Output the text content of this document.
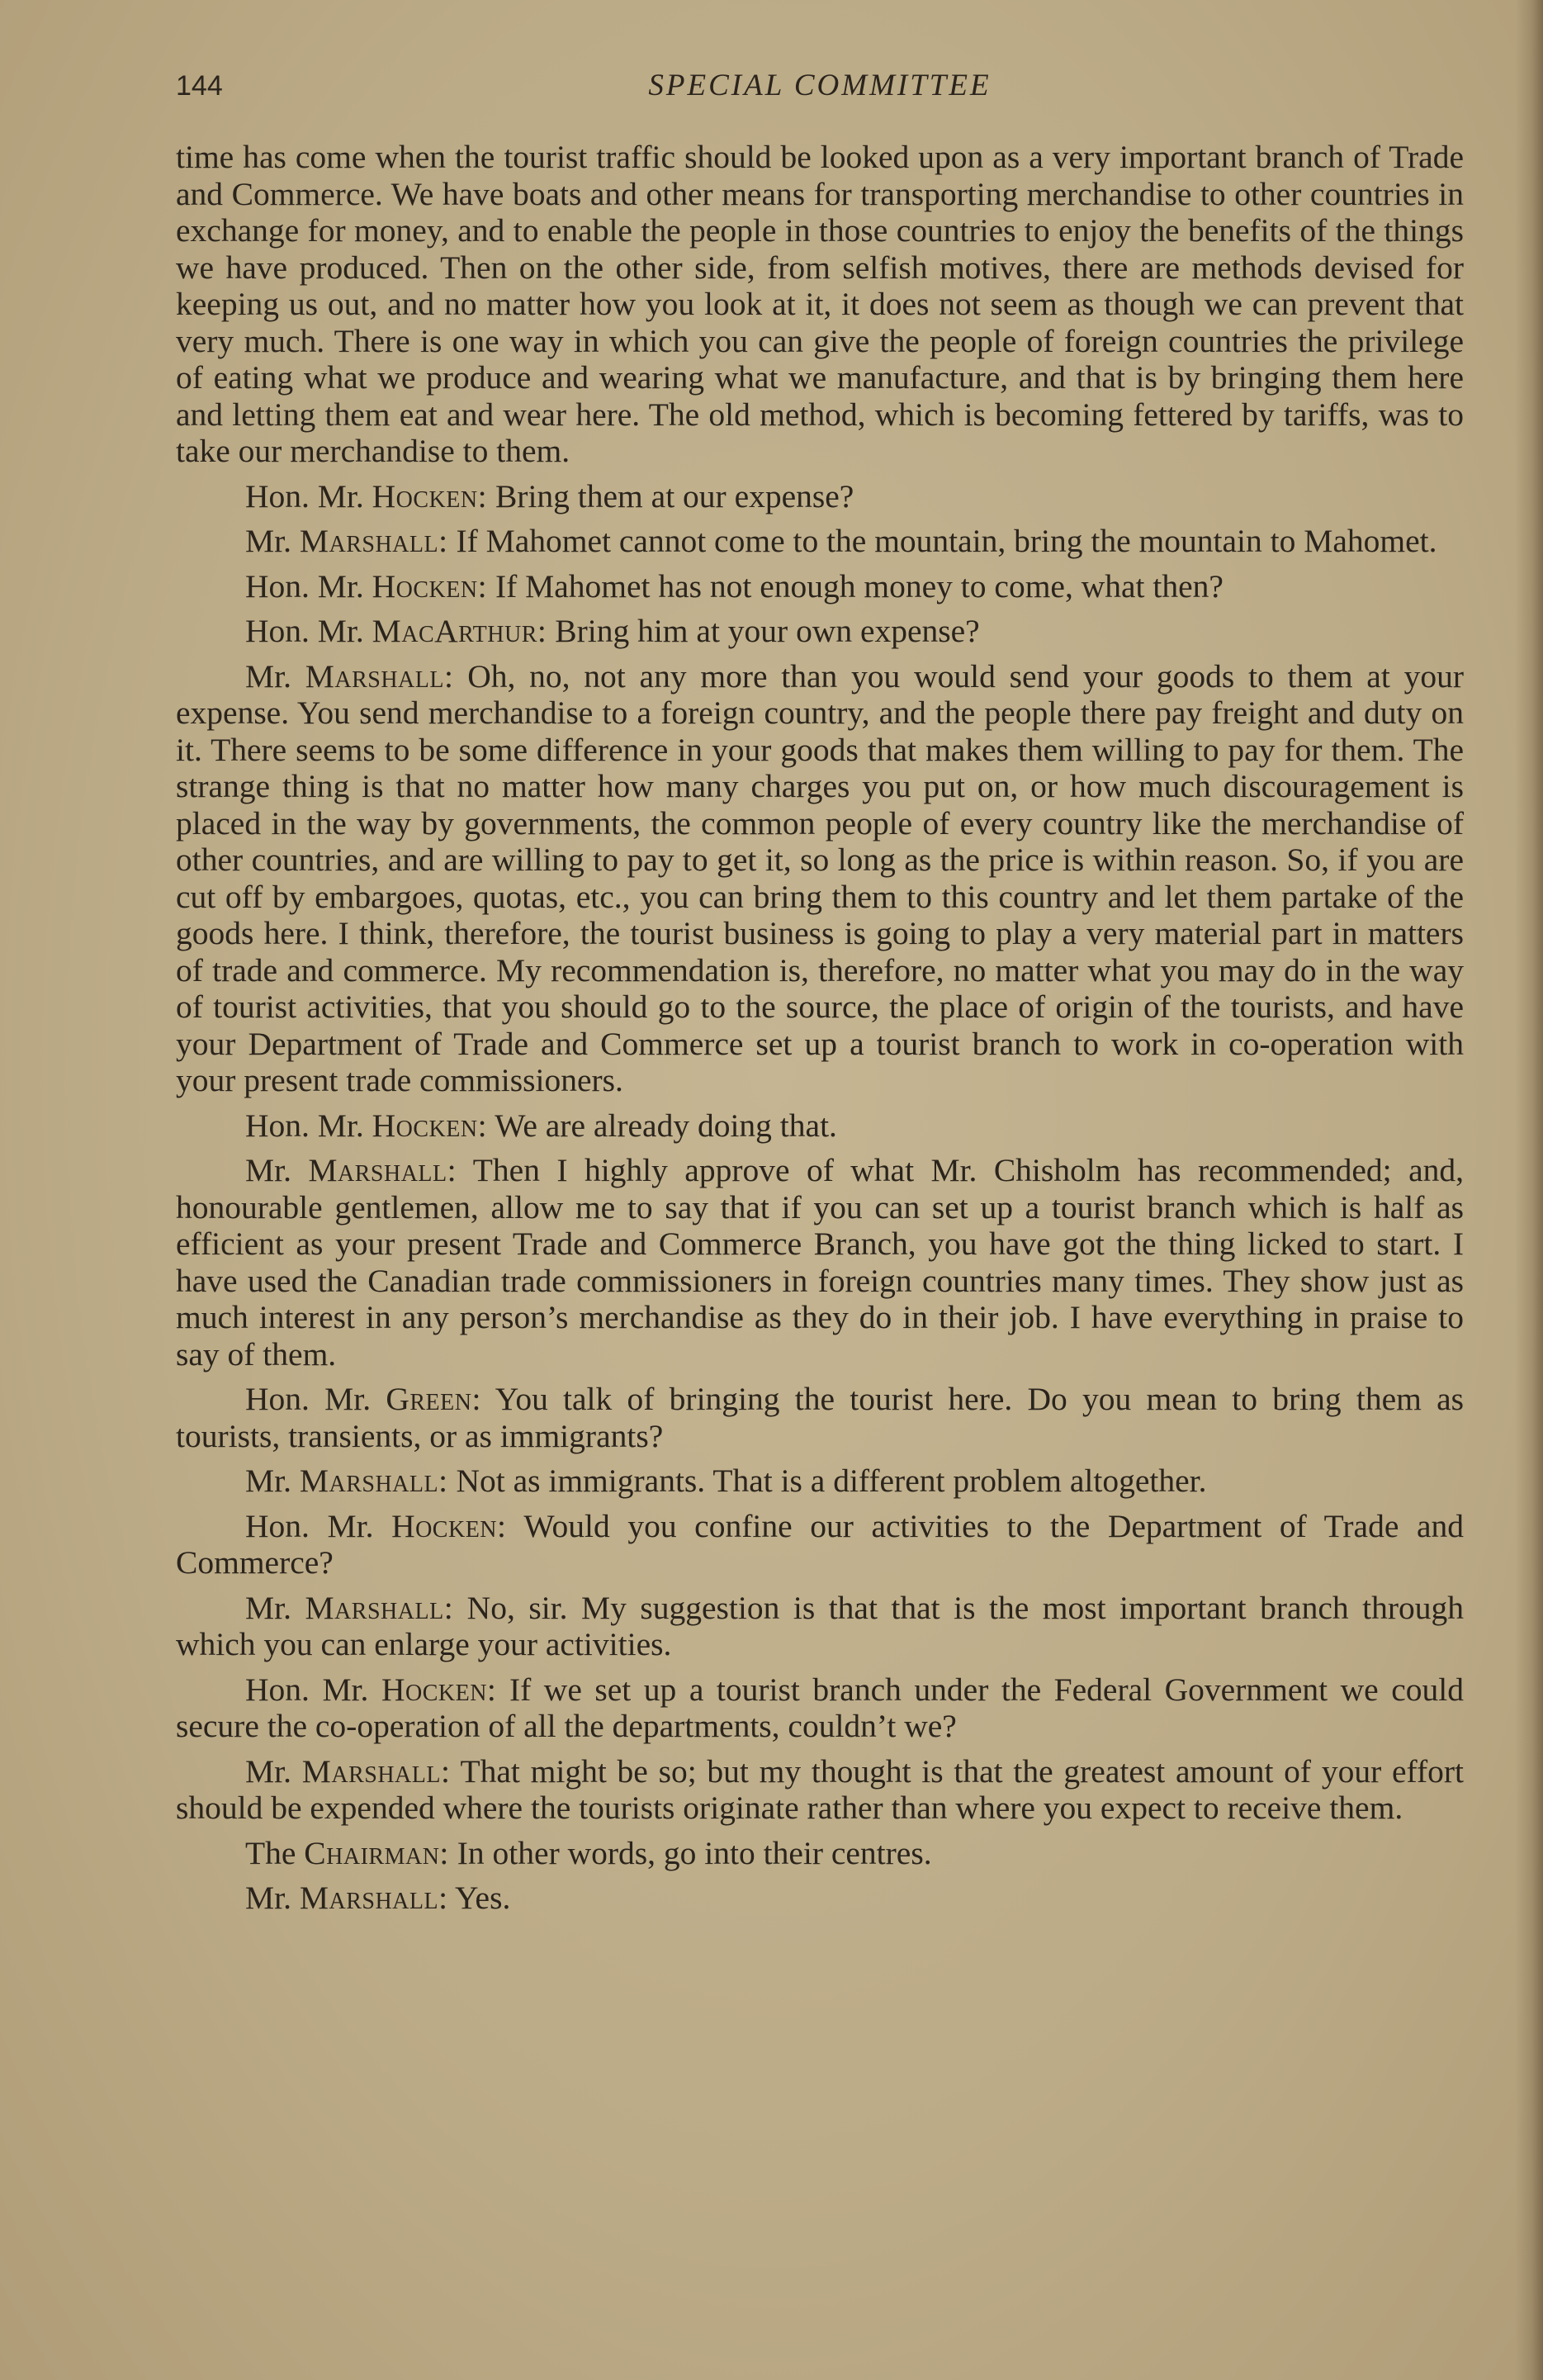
144	SPECIAL COMMITTEE

time has come when the tourist traffic should be looked upon as a very important branch of Trade and Commerce. We have boats and other means for transporting merchandise to other countries in exchange for money, and to enable the people in those countries to enjoy the benefits of the things we have produced. Then on the other side, from selfish motives, there are methods devised for keeping us out, and no matter how you look at it, it does not seem as though we can prevent that very much. There is one way in which you can give the people of foreign countries the privilege of eating what we produce and wearing what we manufacture, and that is by bringing them here and letting them eat and wear here. The old method, which is becoming fettered by tariffs, was to take our merchandise to them.

Hon. Mr. Hocken: Bring them at our expense?

Mr. Marshall: If Mahomet cannot come to the mountain, bring the mountain to Mahomet.

Hon. Mr. Hocken: If Mahomet has not enough money to come, what then?

Hon. Mr. MacArthur: Bring him at your own expense?

Mr. Marshall: Oh, no, not any more than you would send your goods to them at your expense. You send merchandise to a foreign country, and the people there pay freight and duty on it. There seems to be some difference in your goods that makes them willing to pay for them. The strange thing is that no matter how many charges you put on, or how much discouragement is placed in the way by governments, the common people of every country like the merchandise of other countries, and are willing to pay to get it, so long as the price is within reason. So, if you are cut off by embargoes, quotas, etc., you can bring them to this country and let them partake of the goods here. I think, therefore, the tourist business is going to play a very material part in matters of trade and commerce. My recommendation is, therefore, no matter what you may do in the way of tourist activities, that you should go to the source, the place of origin of the tourists, and have your Department of Trade and Commerce set up a tourist branch to work in co-operation with your present trade commissioners.

Hon. Mr. Hocken: We are already doing that.

Mr. Marshall: Then I highly approve of what Mr. Chisholm has recommended; and, honourable gentlemen, allow me to say that if you can set up a tourist branch which is half as efficient as your present Trade and Commerce Branch, you have got the thing licked to start. I have used the Canadian trade commissioners in foreign countries many times. They show just as much interest in any person’s merchandise as they do in their job. I have everything in praise to say of them.

Hon. Mr. Green: You talk of bringing the tourist here. Do you mean to bring them as tourists, transients, or as immigrants?

Mr. Marshall: Not as immigrants. That is a different problem altogether.

Hon. Mr. Hocken: Would you confine our activities to the Department of Trade and Commerce?

Mr. Marshall: No, sir. My suggestion is that that is the most important branch through which you can enlarge your activities.

Hon. Mr. Hocken: If we set up a tourist branch under the Federal Government we could secure the co-operation of all the departments, couldn’t we?

Mr. Marshall: That might be so; but my thought is that the greatest amount of your effort should be expended where the tourists originate rather than where you expect to receive them.

The Chairman: In other words, go into their centres.

Mr. Marshall: Yes.
